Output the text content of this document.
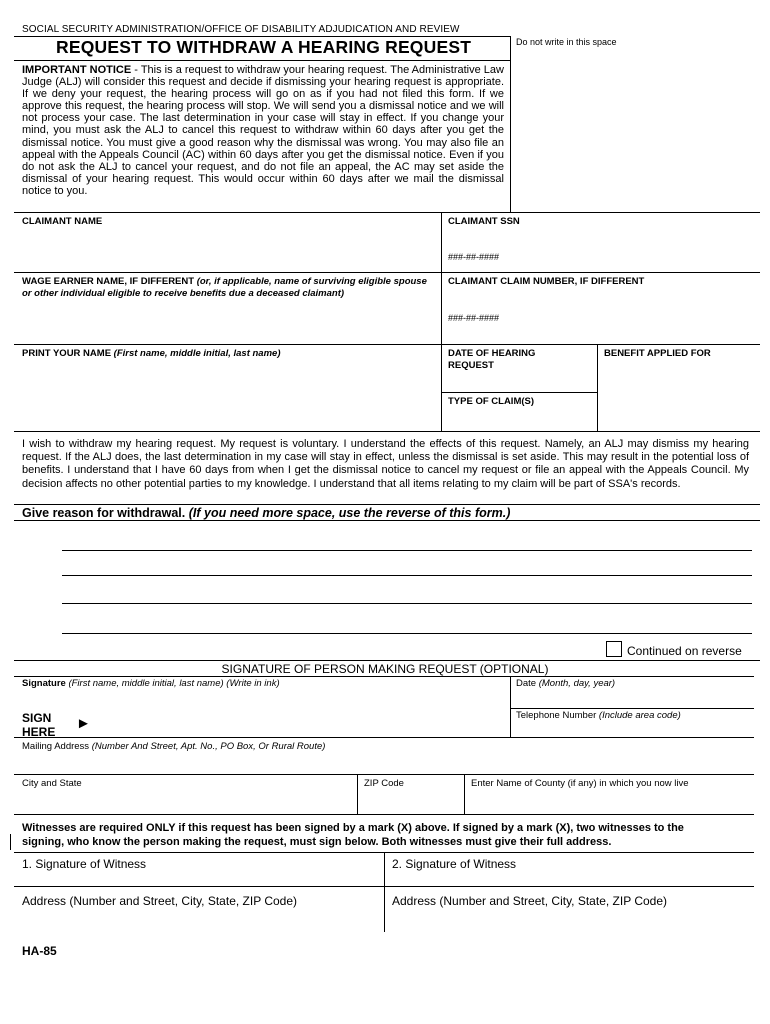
SOCIAL SECURITY ADMINISTRATION/OFFICE OF DISABILITY ADJUDICATION AND REVIEW
REQUEST TO WITHDRAW A HEARING REQUEST	Do not write in this space
IMPORTANT NOTICE - This is a request to withdraw your hearing request. The Administrative Law Judge (ALJ) will consider this request and decide if dismissing your hearing request is appropriate. If we deny your request, the hearing process will go on as if you had not filed this form. If we approve this request, the hearing process will stop. We will send you a dismissal notice and we will not process your case. The last determination in your case will stay in effect. If you change your mind, you must ask the ALJ to cancel this request to withdraw within 60 days after you get the dismissal notice. You must give a good reason why the dismissal was wrong. You may also file an appeal with the Appeals Council (AC) within 60 days after you get the dismissal notice. Even if you do not ask the ALJ to cancel your request, and do not file an appeal, the AC may set aside the dismissal of your hearing request. This would occur within 60 days after we mail the dismissal notice to you.
CLAIMANT NAME	CLAIMANT SSN
###-##-####
WAGE EARNER NAME, IF DIFFERENT (or, if applicable, name of surviving eligible spouse or other individual eligible to receive benefits due a deceased claimant)
CLAIMANT CLAIM NUMBER, IF DIFFERENT
###-##-####
PRINT YOUR NAME (First name, middle initial, last name)	DATE OF HEARING REQUEST
BENEFIT APPLIED FOR
TYPE OF CLAIM(S)
I wish to withdraw my hearing request. My request is voluntary. I understand the effects of this request. Namely, an ALJ may dismiss my hearing request. If the ALJ does, the last determination in my case will stay in effect, unless the dismissal is set aside. This may result in the potential loss of benefits. I understand that I have 60 days from when I get the dismissal notice to cancel my request or file an appeal with the Appeals Council. My decision affects no other potential parties to my knowledge. I understand that all items relating to my claim will be part of SSA's records.
Give reason for withdrawal. (If you need more space, use the reverse of this form.)
Continued on reverse
SIGNATURE OF PERSON MAKING REQUEST (OPTIONAL)
Signature (First name, middle initial, last name) (Write in ink)	Date (Month, day, year)
SIGN
HERE ►	Telephone Number (Include area code)
Mailing Address (Number And Street, Apt. No., PO Box, Or Rural Route)
City and State	ZIP Code	Enter Name of County (if any) in which you now live
Witnesses are required ONLY if this request has been signed by a mark (X) above. If signed by a mark (X), two witnesses to the signing, who know the person making the request, must sign below. Both witnesses must give their full address.
1. Signature of Witness	2. Signature of Witness
Address (Number and Street, City, State, ZIP Code)	Address (Number and Street, City, State, ZIP Code)
HA-85
